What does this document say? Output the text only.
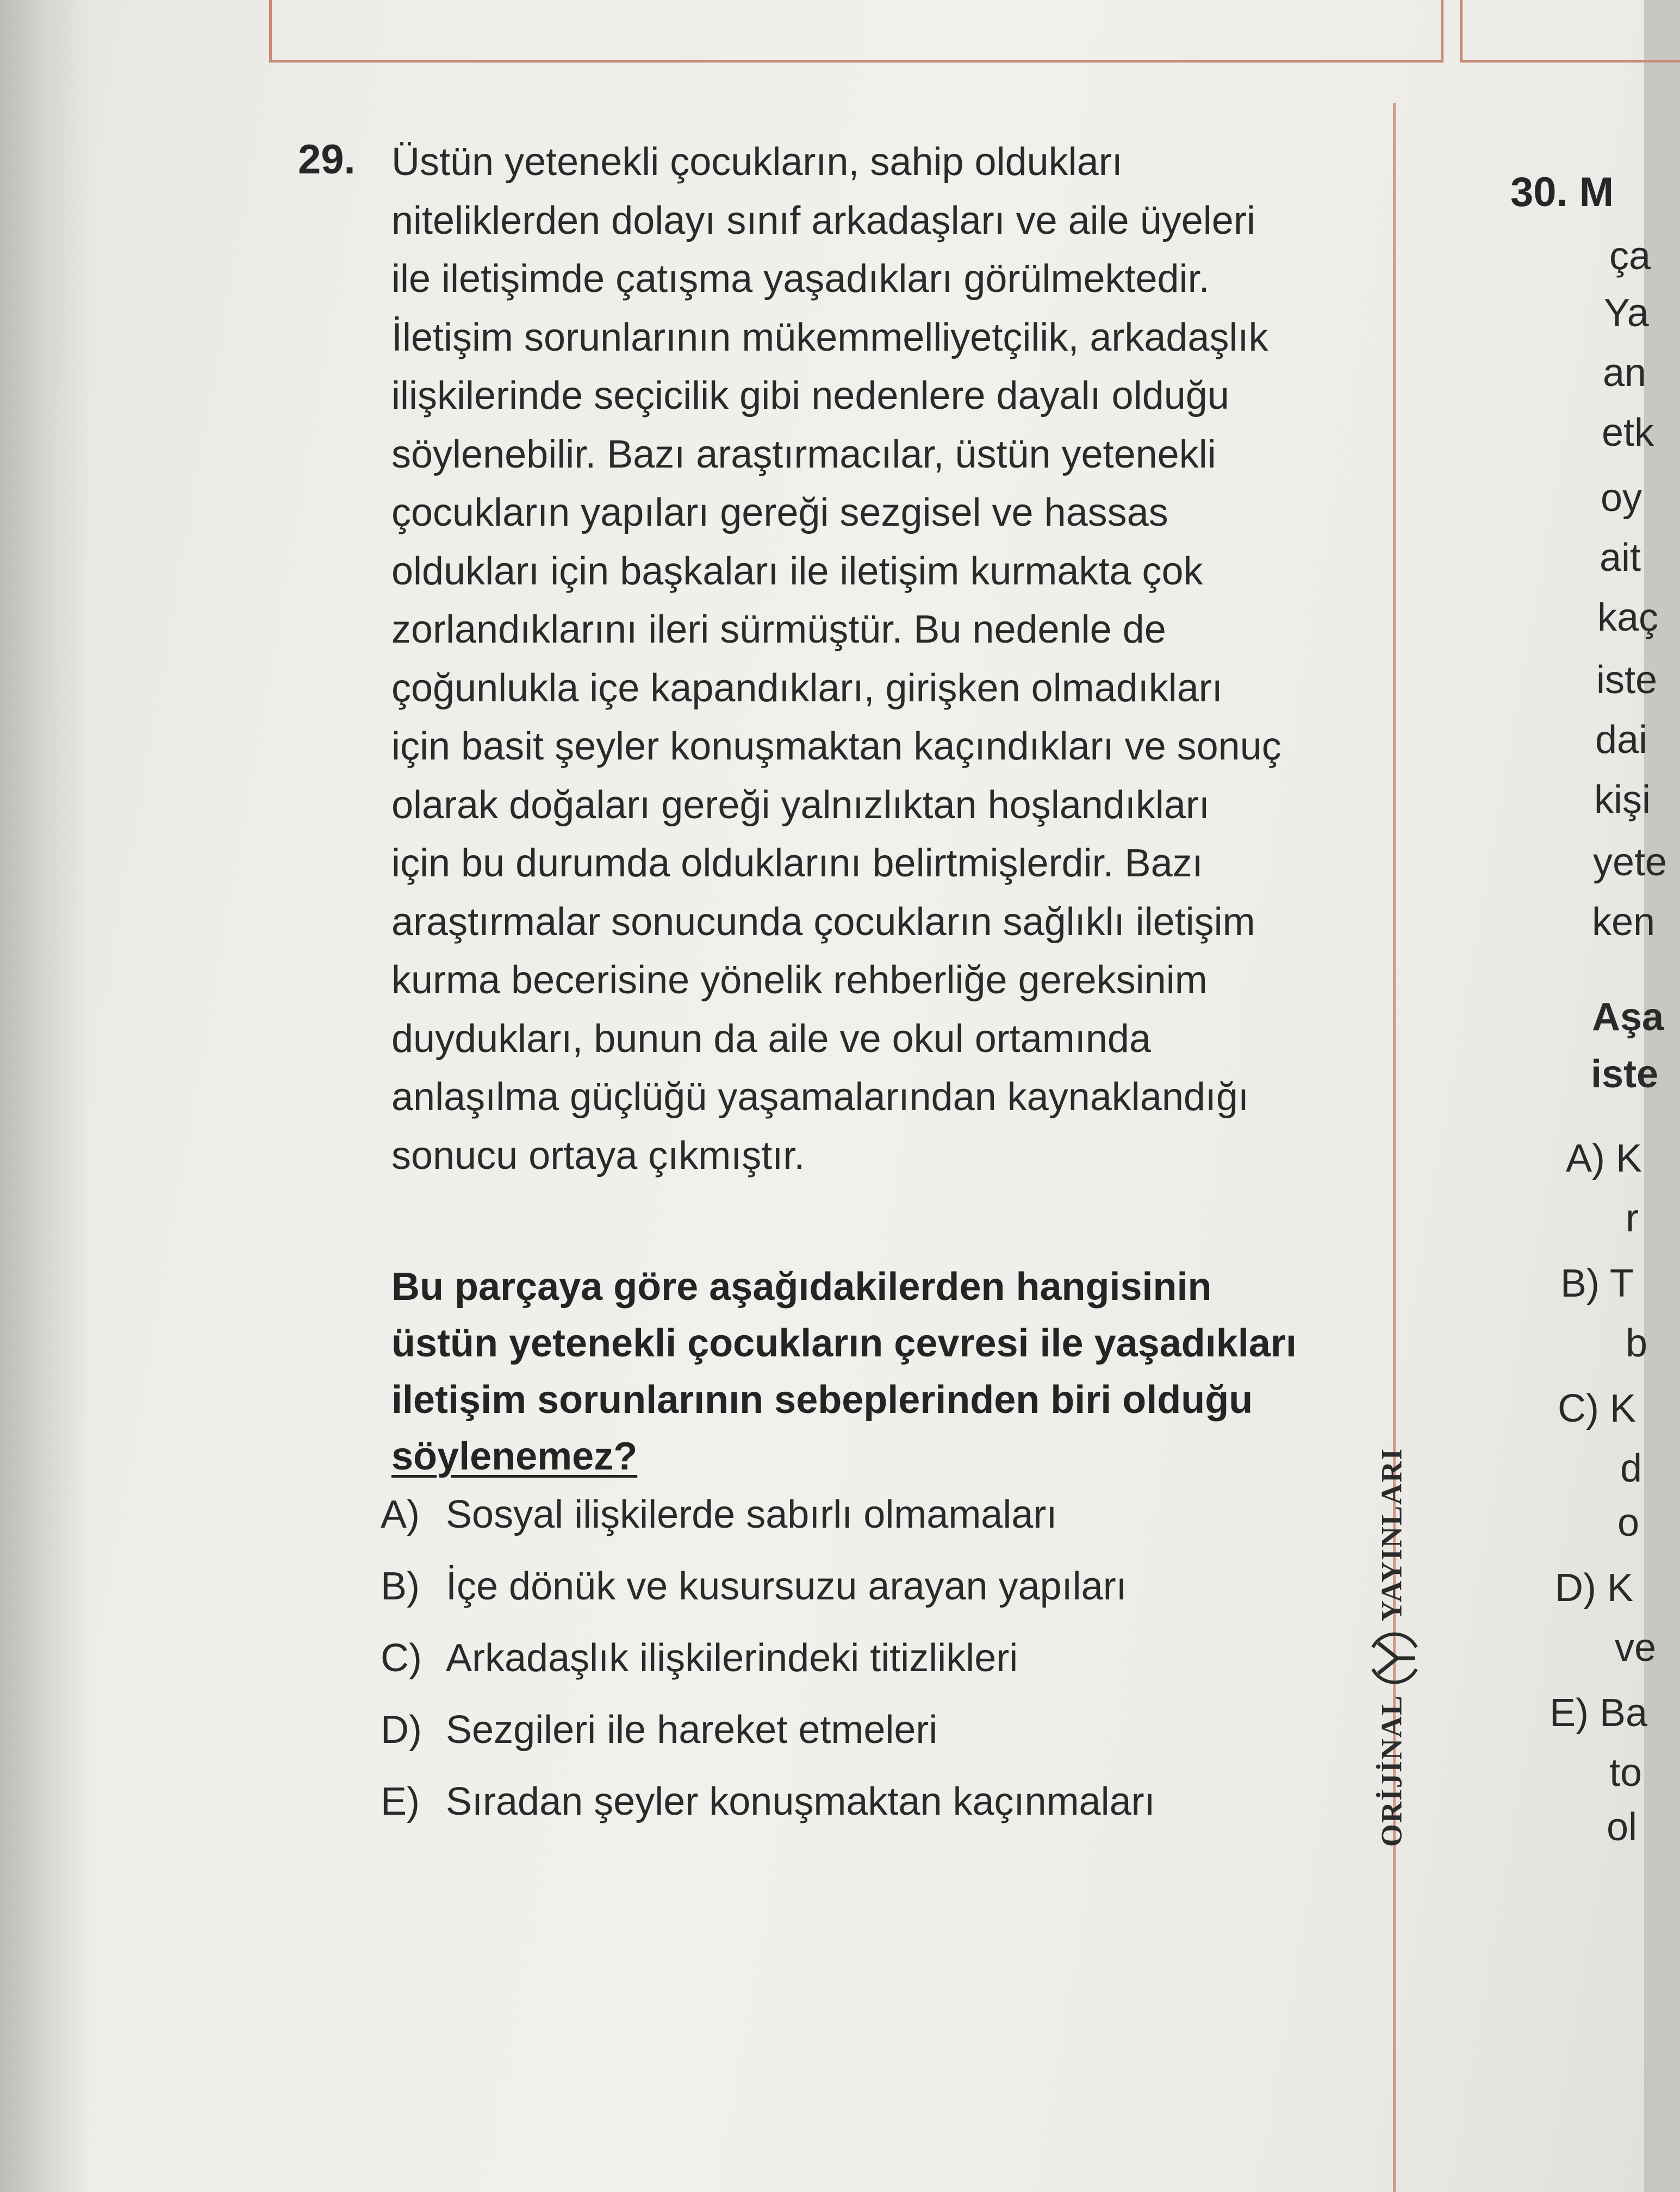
29. Üstün yetenekli çocukların, sahip oldukları
niteliklerden dolayı sınıf arkadaşları ve aile üyeleri
ile iletişimde çatışma yaşadıkları görülmektedir.
İletişim sorunlarının mükemmelliyetçilik, arkadaşlık
ilişkilerinde seçicilik gibi nedenlere dayalı olduğu
söylenebilir. Bazı araştırmacılar, üstün yetenekli
çocukların yapıları gereği sezgisel ve hassas
oldukları için başkaları ile iletişim kurmakta çok
zorlandıklarını ileri sürmüştür. Bu nedenle de
çoğunlukla içe kapandıkları, girişken olmadıkları
için basit şeyler konuşmaktan kaçındıkları ve sonuç
olarak doğaları gereği yalnızlıktan hoşlandıkları
için bu durumda olduklarını belirtmişlerdir. Bazı
araştırmalar sonucunda çocukların sağlıklı iletişim
kurma becerisine yönelik rehberliğe gereksinim
duydukları, bunun da aile ve okul ortamında
anlaşılma güçlüğü yaşamalarından kaynaklandığı
sonucu ortaya çıkmıştır.
Bu parçaya göre aşağıdakilerden hangisinin
üstün yetenekli çocukların çevresi ile yaşadıkları
iletişim sorunlarının sebeplerinden biri olduğu
söylenemez?
A) Sosyal ilişkilerde sabırlı olmamaları
B) İçe dönük ve kusursuzu arayan yapıları
C) Arkadaşlık ilişkilerindeki titizlikleri
D) Sezgileri ile hareket etmeleri
E) Sıradan şeyler konuşmaktan kaçınmaları	ORİJİNAL  YAYINLARI
30. M
ça
Ya
an
etk
oy
ait
kaç
iste
dai
kişi
yete
ken
Aşa
iste
A) K
r
B) T
b
C) K
d
o
D) K
ve
E) Ba
to
ol
